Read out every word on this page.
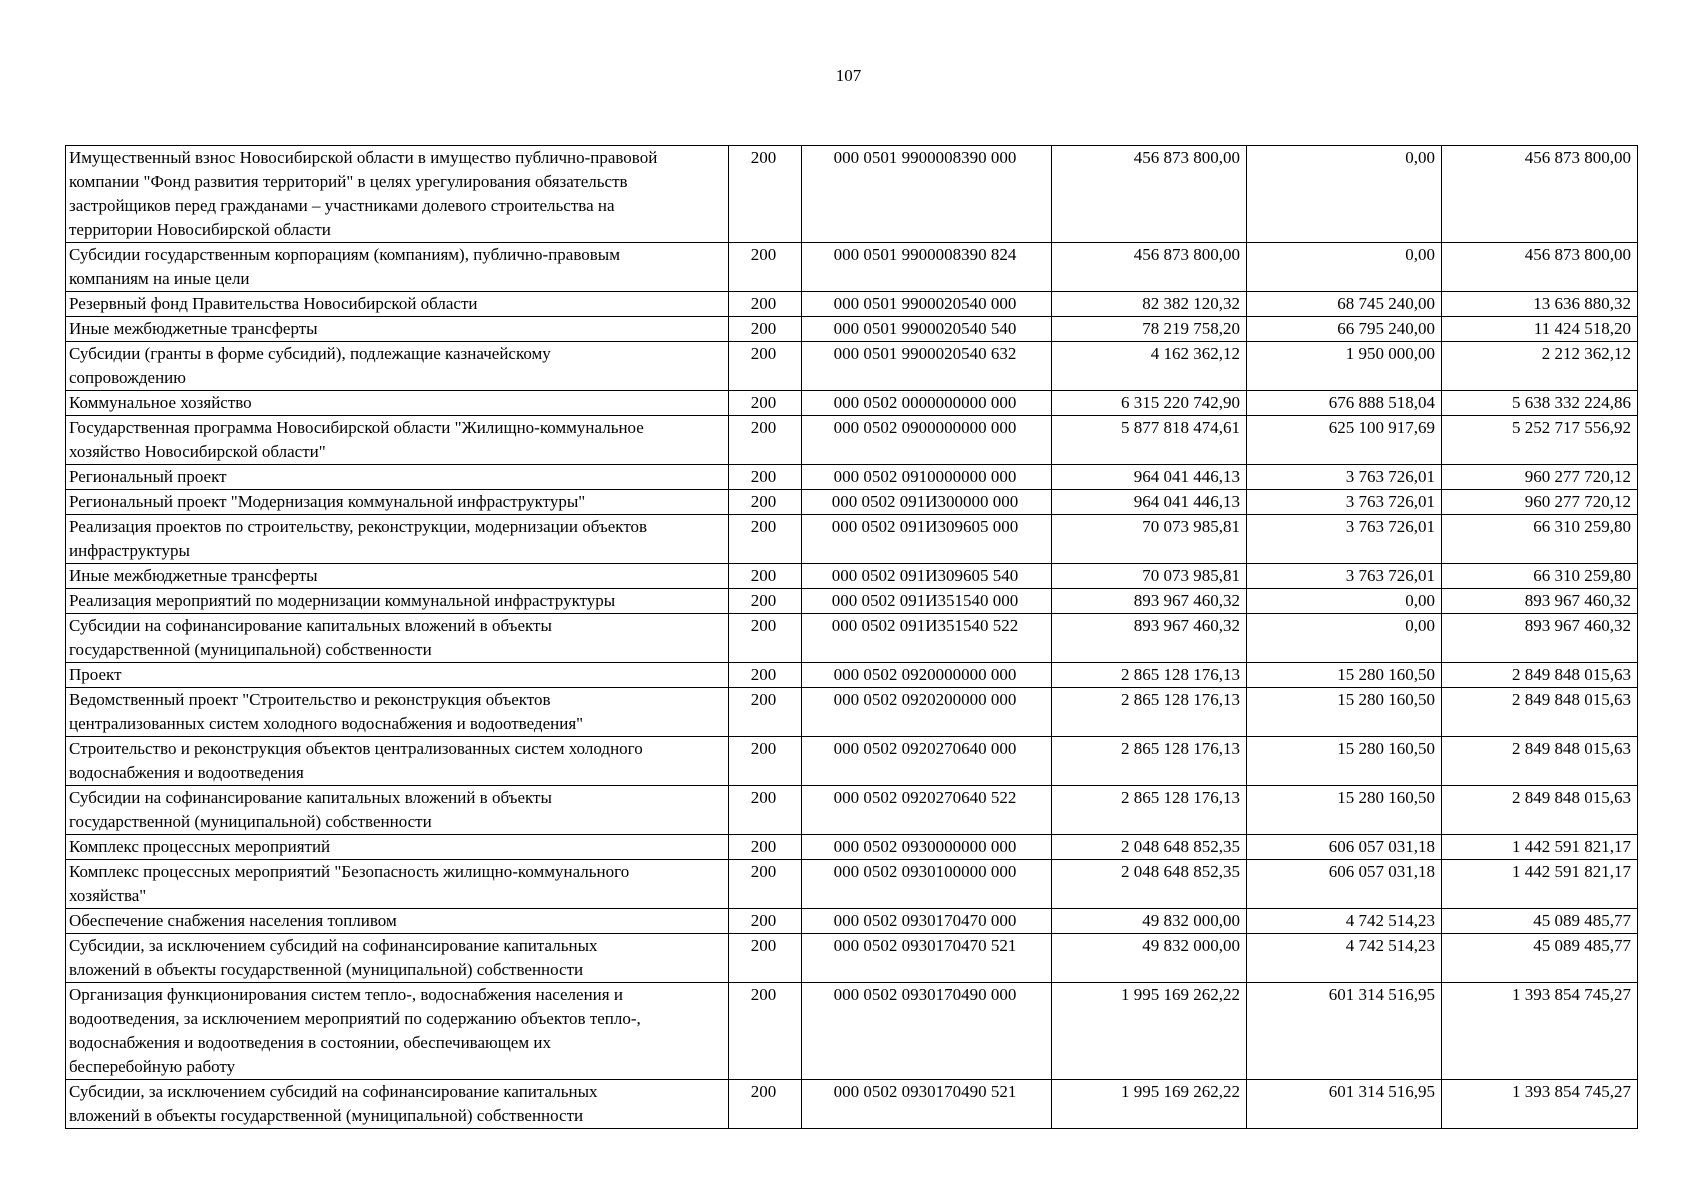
107
Имущественный взнос Новосибирской области в имущество публично-правовой
компании "Фонд развития территорий" в целях урегулирования обязательств
застройщиков перед гражданами – участниками долевого строительства на
территории Новосибирской области	200	000 0501 9900008390 000	456 873 800,00	0,00	456 873 800,00
Субсидии государственным корпорациям (компаниям), публично-правовым
компаниям на иные цели	200	000 0501 9900008390 824	456 873 800,00	0,00	456 873 800,00
Резервный фонд Правительства Новосибирской области	200	000 0501 9900020540 000	82 382 120,32	68 745 240,00	13 636 880,32
Иные межбюджетные трансферты	200	000 0501 9900020540 540	78 219 758,20	66 795 240,00	11 424 518,20
Субсидии (гранты в форме субсидий), подлежащие казначейскому
сопровождению	200	000 0501 9900020540 632	4 162 362,12	1 950 000,00	2 212 362,12
Коммунальное хозяйство	200	000 0502 0000000000 000	6 315 220 742,90	676 888 518,04	5 638 332 224,86
Государственная программа Новосибирской области "Жилищно-коммунальное
хозяйство Новосибирской области"	200	000 0502 0900000000 000	5 877 818 474,61	625 100 917,69	5 252 717 556,92
Региональный проект	200	000 0502 0910000000 000	964 041 446,13	3 763 726,01	960 277 720,12
Региональный проект "Модернизация коммунальной инфраструктуры"	200	000 0502 091И300000 000	964 041 446,13	3 763 726,01	960 277 720,12
Реализация проектов по строительству, реконструкции, модернизации объектов
инфраструктуры	200	000 0502 091И309605 000	70 073 985,81	3 763 726,01	66 310 259,80
Иные межбюджетные трансферты	200	000 0502 091И309605 540	70 073 985,81	3 763 726,01	66 310 259,80
Реализация мероприятий по модернизации коммунальной инфраструктуры	200	000 0502 091И351540 000	893 967 460,32	0,00	893 967 460,32
Субсидии на софинансирование капитальных вложений в объекты
государственной (муниципальной) собственности	200	000 0502 091И351540 522	893 967 460,32	0,00	893 967 460,32
Проект	200	000 0502 0920000000 000	2 865 128 176,13	15 280 160,50	2 849 848 015,63
Ведомственный проект "Строительство и реконструкция объектов
централизованных систем холодного водоснабжения и водоотведения"	200	000 0502 0920200000 000	2 865 128 176,13	15 280 160,50	2 849 848 015,63
Строительство и реконструкция объектов централизованных систем холодного
водоснабжения и водоотведения	200	000 0502 0920270640 000	2 865 128 176,13	15 280 160,50	2 849 848 015,63
Субсидии на софинансирование капитальных вложений в объекты
государственной (муниципальной) собственности	200	000 0502 0920270640 522	2 865 128 176,13	15 280 160,50	2 849 848 015,63
Комплекс процессных мероприятий	200	000 0502 0930000000 000	2 048 648 852,35	606 057 031,18	1 442 591 821,17
Комплекс процессных мероприятий "Безопасность жилищно-коммунального
хозяйства"	200	000 0502 0930100000 000	2 048 648 852,35	606 057 031,18	1 442 591 821,17
Обеспечение снабжения населения топливом	200	000 0502 0930170470 000	49 832 000,00	4 742 514,23	45 089 485,77
Субсидии, за исключением субсидий на софинансирование капитальных
вложений в объекты государственной (муниципальной) собственности	200	000 0502 0930170470 521	49 832 000,00	4 742 514,23	45 089 485,77
Организация функционирования систем тепло-, водоснабжения населения и
водоотведения, за исключением мероприятий по содержанию объектов тепло-,
водоснабжения и водоотведения в состоянии, обеспечивающем их
бесперебойную работу	200	000 0502 0930170490 000	1 995 169 262,22	601 314 516,95	1 393 854 745,27
Субсидии, за исключением субсидий на софинансирование капитальных
вложений в объекты государственной (муниципальной) собственности	200	000 0502 0930170490 521	1 995 169 262,22	601 314 516,95	1 393 854 745,27
